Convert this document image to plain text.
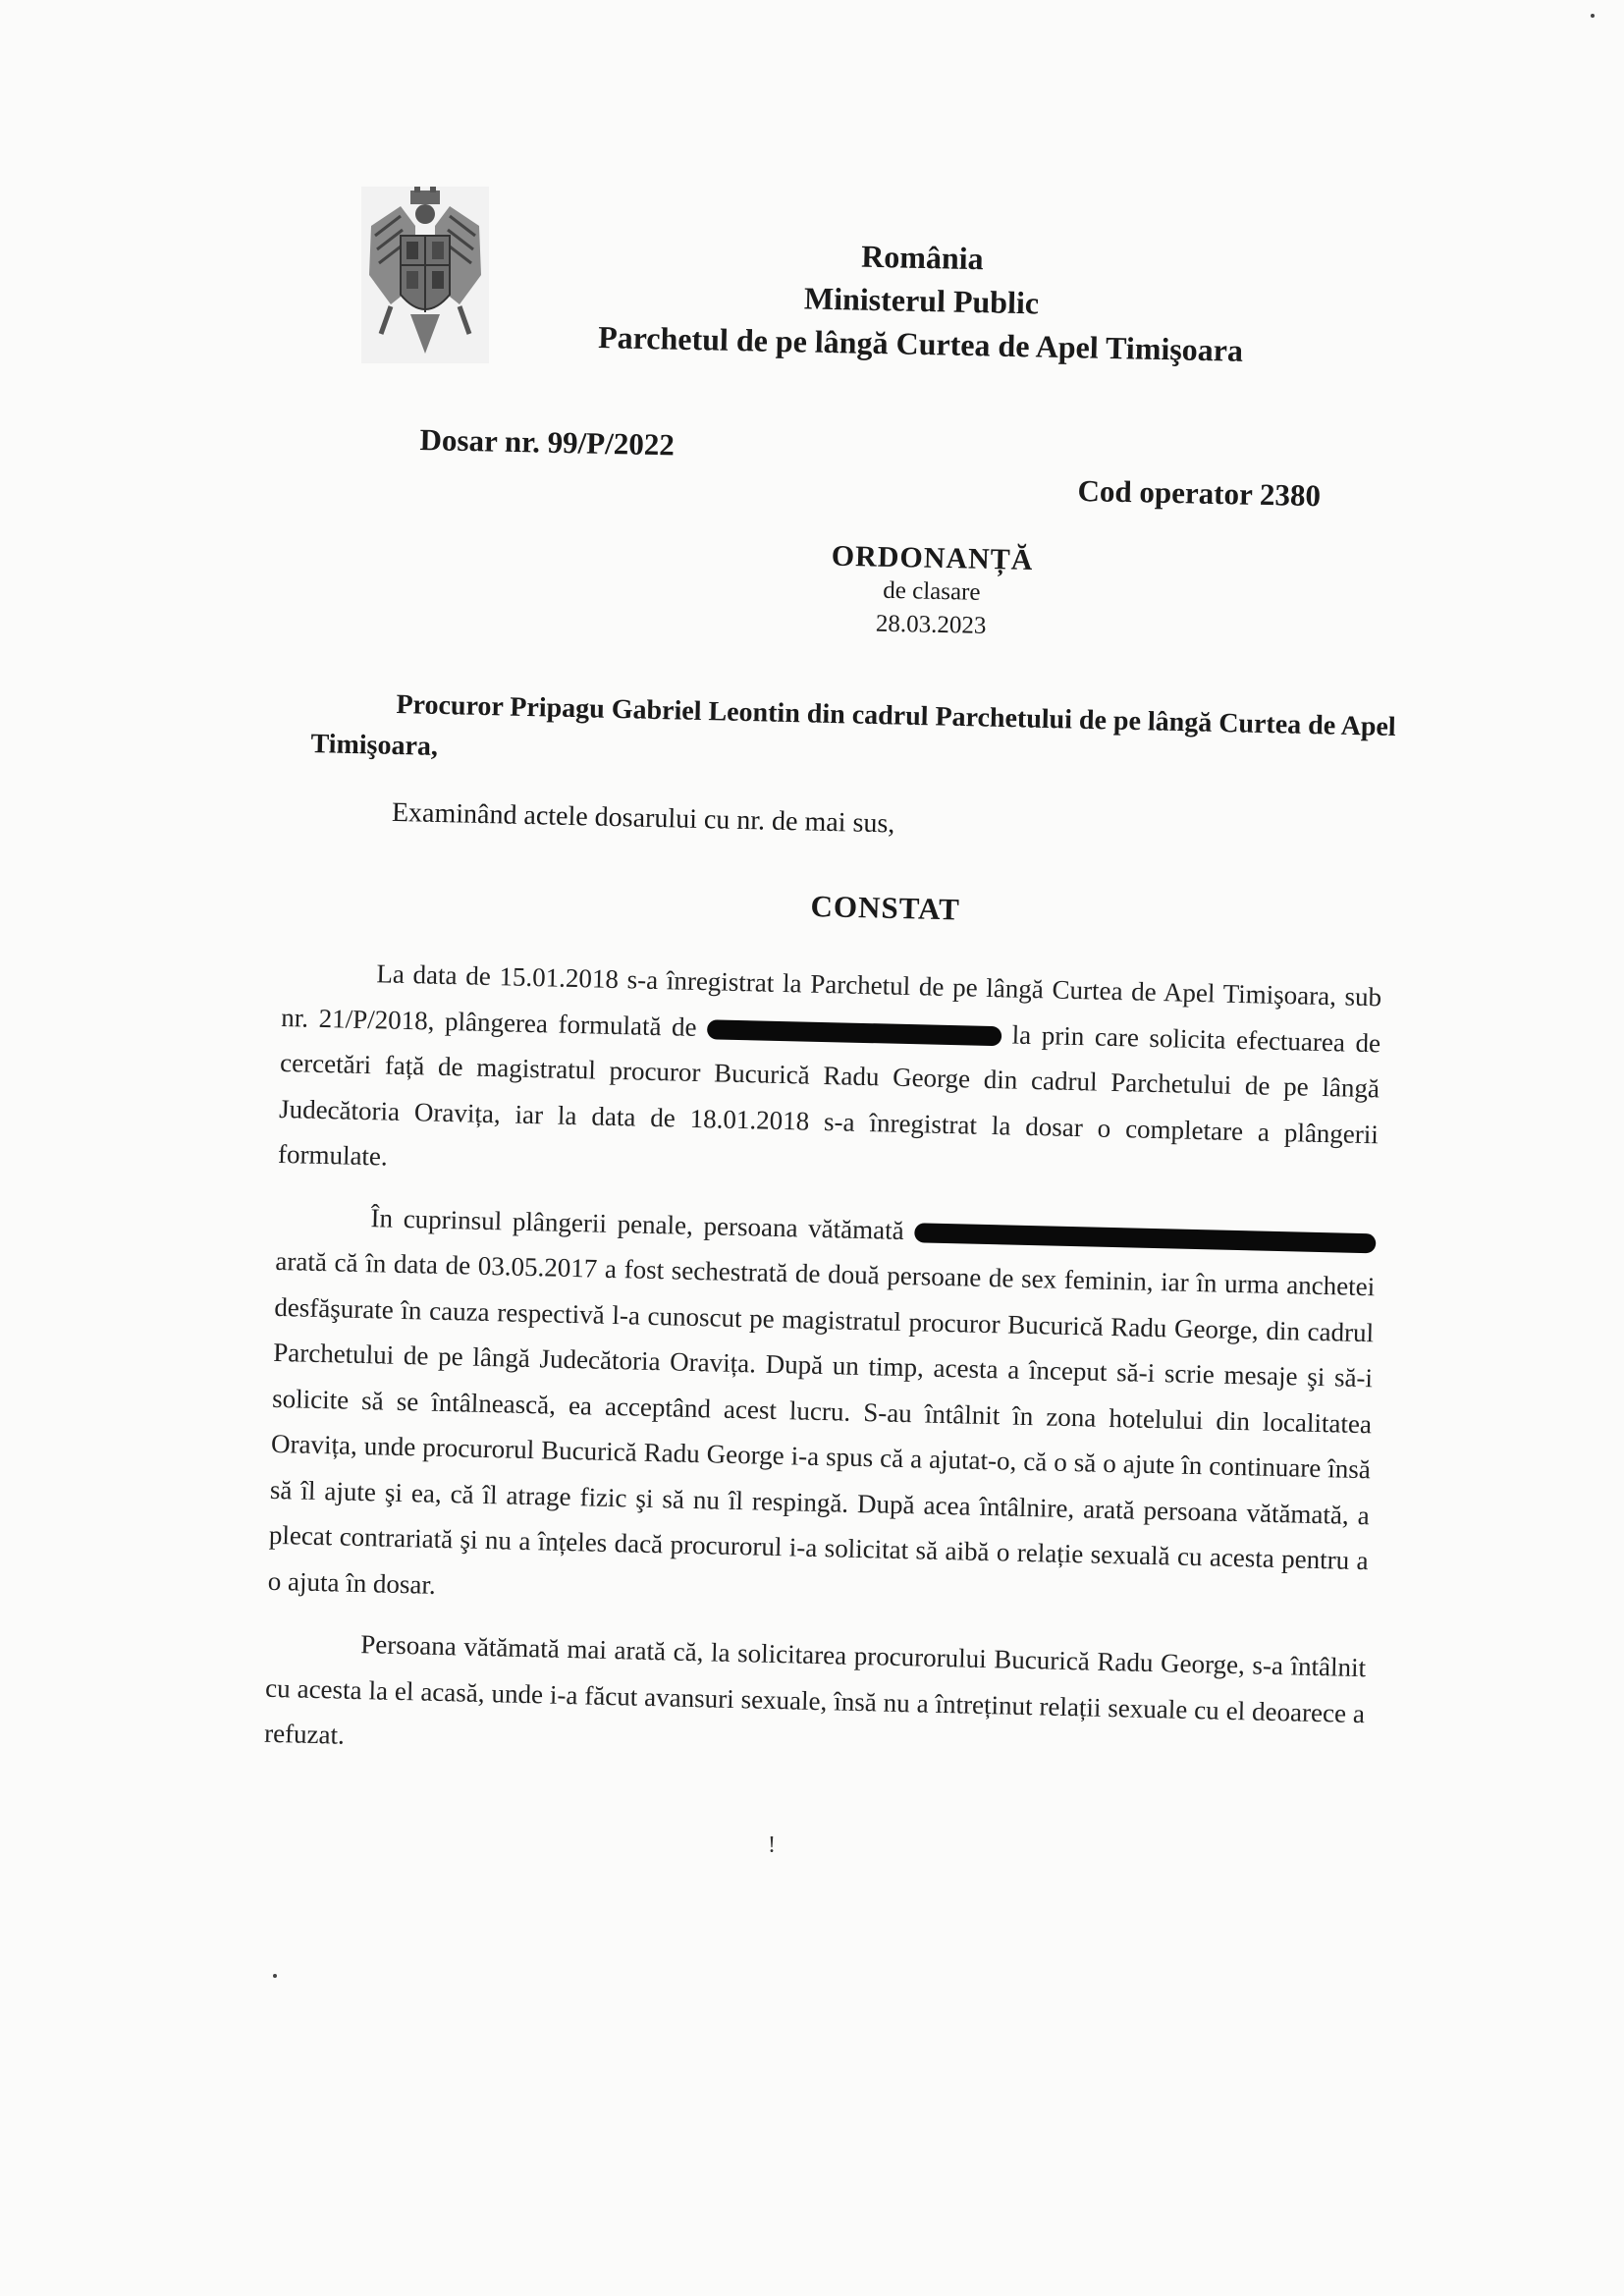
România
Ministerul Public
Parchetul de pe lângă Curtea de Apel Timişoara
Dosar nr. 99/P/2022
Cod operator 2380
ORDONANȚĂ
de clasare
28.03.2023
Procuror Pripagu Gabriel Leontin din cadrul Parchetului de pe lângă Curtea de Apel Timişoara,
Examinând actele dosarului cu nr. de mai sus,
CONSTAT

La data de 15.01.2018 s-a înregistrat la Parchetul de pe lângă Curtea de Apel Timişoara, sub nr. 21/P/2018, plângerea formulată de	la prin care solicita efectuarea de cercetări față de magistratul procuror Bucurică Radu George din cadrul Parchetului de pe lângă Judecătoria Oravița, iar la data de 18.01.2018 s-a înregistrat la dosar o completare a plângerii formulate.

În cuprinsul plângerii penale, persoana vătămată  arată că în data de 03.05.2017 a fost sechestrată de două persoane de sex feminin, iar în urma anchetei desfăşurate în cauza respectivă l-a cunoscut pe magistratul procuror Bucurică Radu George, din cadrul Parchetului de pe lângă Judecătoria Oravița. După un timp, acesta a început să-i scrie mesaje şi să-i solicite să se întâlnească, ea acceptând acest lucru. S-au întâlnit în zona hotelului din localitatea Oravița, unde procurorul Bucurică Radu George i-a spus că a ajutat-o, că o să o ajute în continuare însă să îl ajute şi ea, că îl atrage fizic şi să nu îl respingă. După acea întâlnire, arată persoana vătămată, a plecat contrariată şi nu a înțeles dacă procurorul i-a solicitat să aibă o relație sexuală cu acesta pentru a o ajuta în dosar.

Persoana vătămată mai arată că, la solicitarea procurorului Bucurică Radu George, s-a întâlnit cu acesta la el acasă, unde i-a făcut avansuri sexuale, însă nu a întreținut relații sexuale cu el deoarece a refuzat.

!
